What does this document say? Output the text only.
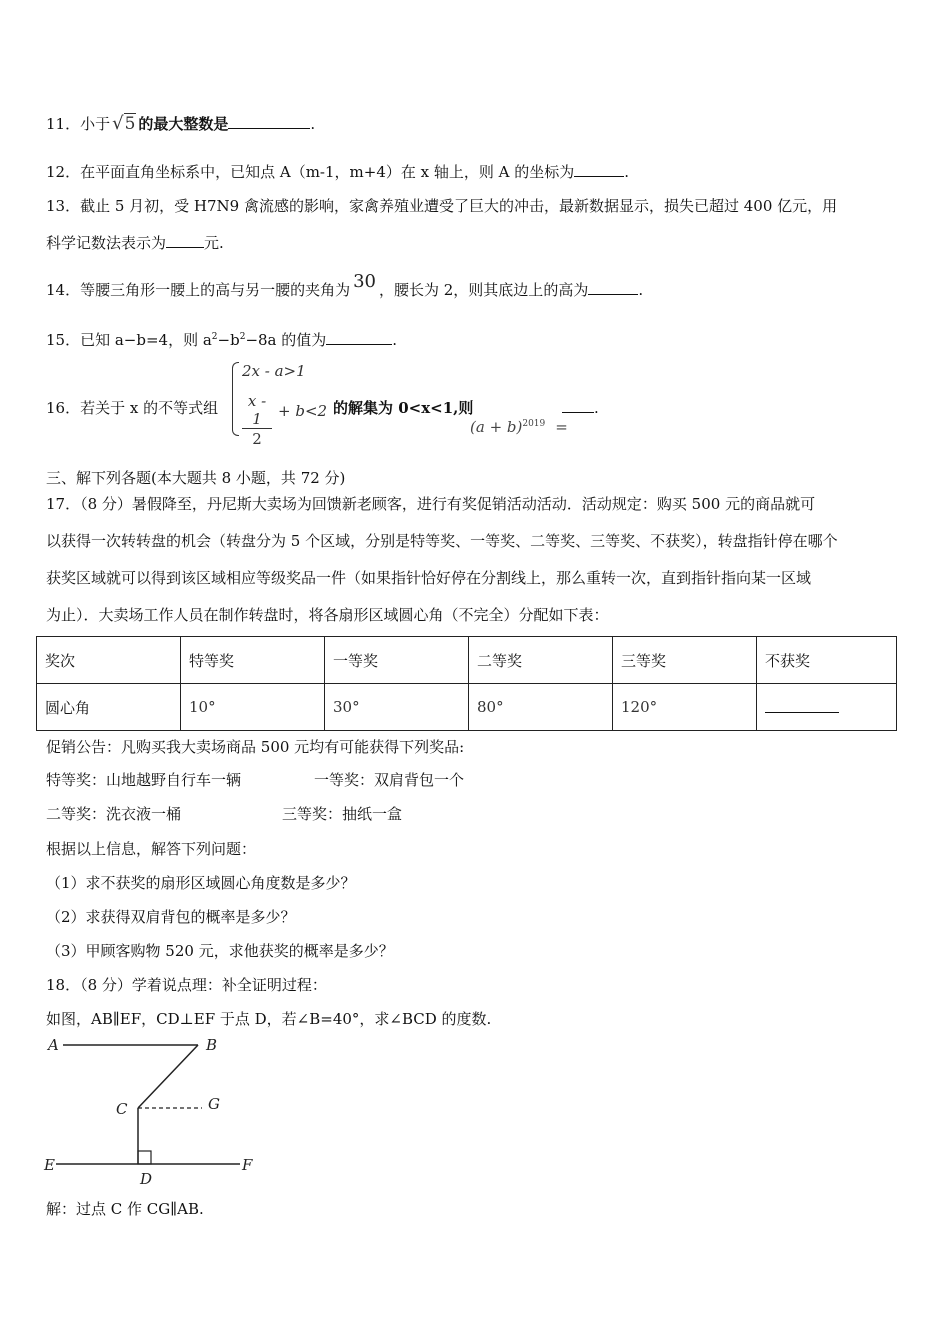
11．小于 √5 的最大整数是	.
12．在平面直角坐标系中，已知点 A（m-1，m+4）在 x 轴上，则 A 的坐标为	.
13．截止 5 月初，受 H7N9 禽流感的影响，家禽养殖业遭受了巨大的冲击，最新数据显示，损失已超过 400 亿元，用
科学记数法表示为	元.
14．等腰三角形一腰上的高与另一腰的夹角为 30 ，腰长为 2，则其底边上的高为	.
15．已知 a−b=4，则 $a^2-b^2-8a$ 的值为	.
16．若关于 x 的不等式组
2x - a>1
$\frac{x - 1}{2} + b<2$ 的解集为 0<x<1,则
$(a + b)^{2019}$ =
.
三、解下列各题(本大题共 8 小题，共 72 分)
17．（8 分）暑假降至，丹尼斯大卖场为回馈新老顾客，进行有奖促销活动活动．活动规定：购买 500 元的商品就可
以获得一次转转盘的机会（转盘分为 5 个区域，分别是特等奖、一等奖、二等奖、三等奖、不获奖），转盘指针停在哪个
获奖区域就可以得到该区域相应等级奖品一件（如果指针恰好停在分割线上，那么重转一次，直到指针指向某一区域
为止）．大卖场工作人员在制作转盘时，将各扇形区域圆心角（不完全）分配如下表：
奖次	特等奖	一等奖	二等奖	三等奖	不获奖
圆心角	10°	30°	80°	120°	
促销公告：凡购买我大卖场商品 500 元均有可能获得下列奖品:
特等奖：山地越野自行车一辆	一等奖：双肩背包一个
二等奖：洗衣液一桶	三等奖：抽纸一盒
根据以上信息，解答下列问题：
（1）求不获奖的扇形区域圆心角度数是多少？
（2）求获得双肩背包的概率是多少？
（3）甲顾客购物 520 元，求他获奖的概率是多少？
18．（8 分）学着说点理：补全证明过程：
如图，AB∥EF，CD⊥EF 于点 D，若∠B=40°，求∠BCD 的度数.
A	B
C	G
E
D
F
解：过点 C 作 CG∥AB.
